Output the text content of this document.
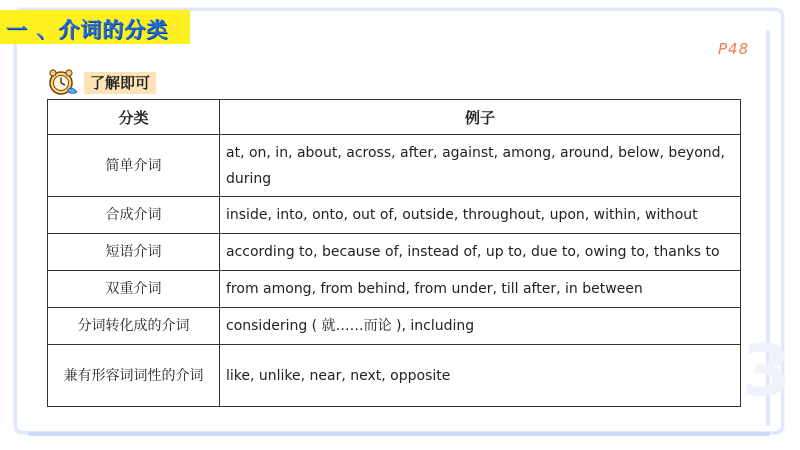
3
一 、介词的分类
P48
了解即可
分类	例子
简单介词	at, on, in, about, across, after, against, among, around, below, beyond, during
合成介词	inside, into, onto, out of, outside, throughout, upon, within, without
短语介词	according to, because of, instead of, up to, due to, owing to, thanks to
双重介词	from among, from behind, from under, till after, in between
分词转化成的介词	considering ( 就……而论 ), including
兼有形容词词性的介词	like, unlike, near, next, opposite
